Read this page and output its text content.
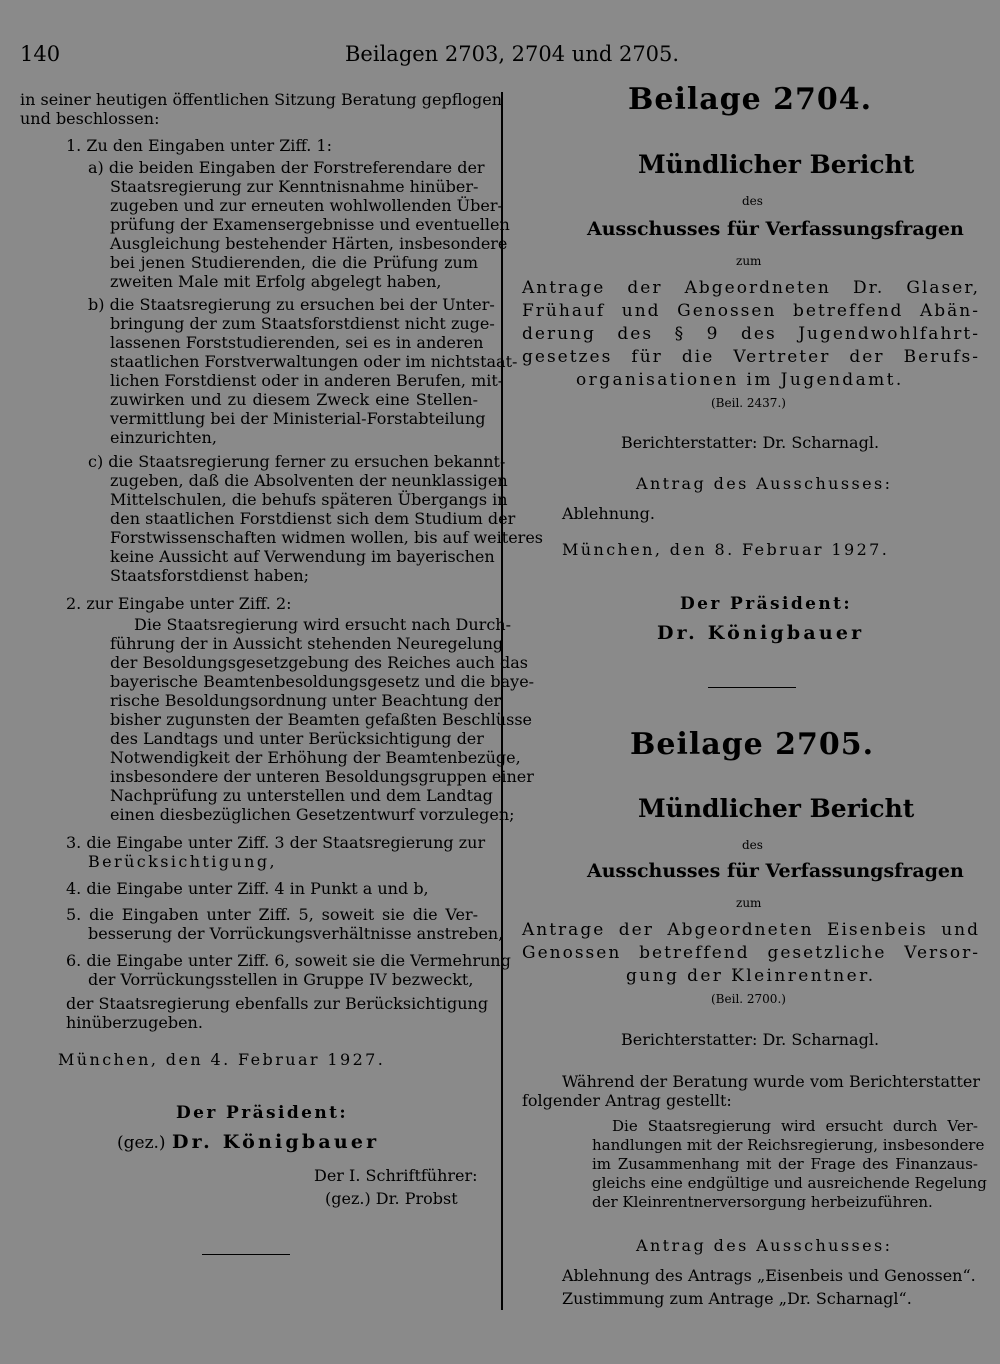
140	Beilagen 2703, 2704 und 2705.
in seiner heutigen öffentlichen Sitzung Beratung gepflogen
und beschlossen:
1. Zu den Eingaben unter Ziff. 1:
a) die beiden Eingaben der Forstreferendare der
Staatsregierung zur Kenntnisnahme hinüber-
zugeben und zur erneuten wohlwollenden Über-
prüfung der Examensergebnisse und eventuellen
Ausgleichung bestehender Härten, insbesondere
bei jenen Studierenden, die die Prüfung zum
zweiten Male mit Erfolg abgelegt haben,
b) die Staatsregierung zu ersuchen bei der Unter-
bringung der zum Staatsforstdienst nicht zuge-
lassenen Forststudierenden, sei es in anderen
staatlichen Forstverwaltungen oder im nichtstaat-
lichen Forstdienst oder in anderen Berufen, mit-
zuwirken und zu diesem Zweck eine Stellen-
vermittlung bei der Ministerial-Forstabteilung
einzurichten,
c) die Staatsregierung ferner zu ersuchen bekannt-
zugeben, daß die Absolventen der neunklassigen
Mittelschulen, die behufs späteren Übergangs in
den staatlichen Forstdienst sich dem Studium der
Forstwissenschaften widmen wollen, bis auf weiteres
keine Aussicht auf Verwendung im bayerischen
Staatsforstdienst haben;
2. zur Eingabe unter Ziff. 2:
Die Staatsregierung wird ersucht nach Durch-
führung der in Aussicht stehenden Neuregelung
der Besoldungsgesetzgebung des Reiches auch das
bayerische Beamtenbesoldungsgesetz und die baye-
rische Besoldungsordnung unter Beachtung der
bisher zugunsten der Beamten gefaßten Beschlüsse
des Landtags und unter Berücksichtigung der
Notwendigkeit der Erhöhung der Beamtenbezüge,
insbesondere der unteren Besoldungsgruppen einer
Nachprüfung zu unterstellen und dem Landtag
einen diesbezüglichen Gesetzentwurf vorzulegen;
3. die Eingabe unter Ziff. 3 der Staatsregierung zur
Berücksichtigung,
4. die Eingabe unter Ziff. 4 in Punkt a und b,
5. die Eingaben unter Ziff. 5, soweit sie die Ver-
besserung der Vorrückungsverhältnisse anstreben,
6. die Eingabe unter Ziff. 6, soweit sie die Vermehrung
der Vorrückungsstellen in Gruppe IV bezweckt,
der Staatsregierung ebenfalls zur Berücksichtigung
hinüberzugeben.
München, den 4. Februar 1927.
Der Präsident:
(gez.) Dr. Königbauer
Der I. Schriftführer:
(gez.) Dr. Probst
Beilage 2704.
Mündlicher Bericht
des
Ausschusses für Verfassungsfragen
zum
Antrage der Abgeordneten Dr. Glaser,
Frühauf und Genossen betreffend Abän-
derung des § 9 des Jugendwohlfahrt-
gesetzes für die Vertreter der Berufs-
organisationen im Jugendamt.
(Beil. 2437.)
Berichterstatter: Dr. Scharnagl.
Antrag des Ausschusses:
Ablehnung.
München, den 8. Februar 1927.
Der Präsident:
Dr. Königbauer
Beilage 2705.
Mündlicher Bericht
des
Ausschusses für Verfassungsfragen
zum
Antrage der Abgeordneten Eisenbeis und
Genossen betreffend gesetzliche Versor-
gung der Kleinrentner.
(Beil. 2700.)
Berichterstatter: Dr. Scharnagl.
Während der Beratung wurde vom Berichterstatter
folgender Antrag gestellt:
Die Staatsregierung wird ersucht durch Ver-
handlungen mit der Reichsregierung, insbesondere
im Zusammenhang mit der Frage des Finanzaus-
gleichs eine endgültige und ausreichende Regelung
der Kleinrentnerversorgung herbeizuführen.
Antrag des Ausschusses:
Ablehnung des Antrags „Eisenbeis und Genossen“.
Zustimmung zum Antrage „Dr. Scharnagl“.
